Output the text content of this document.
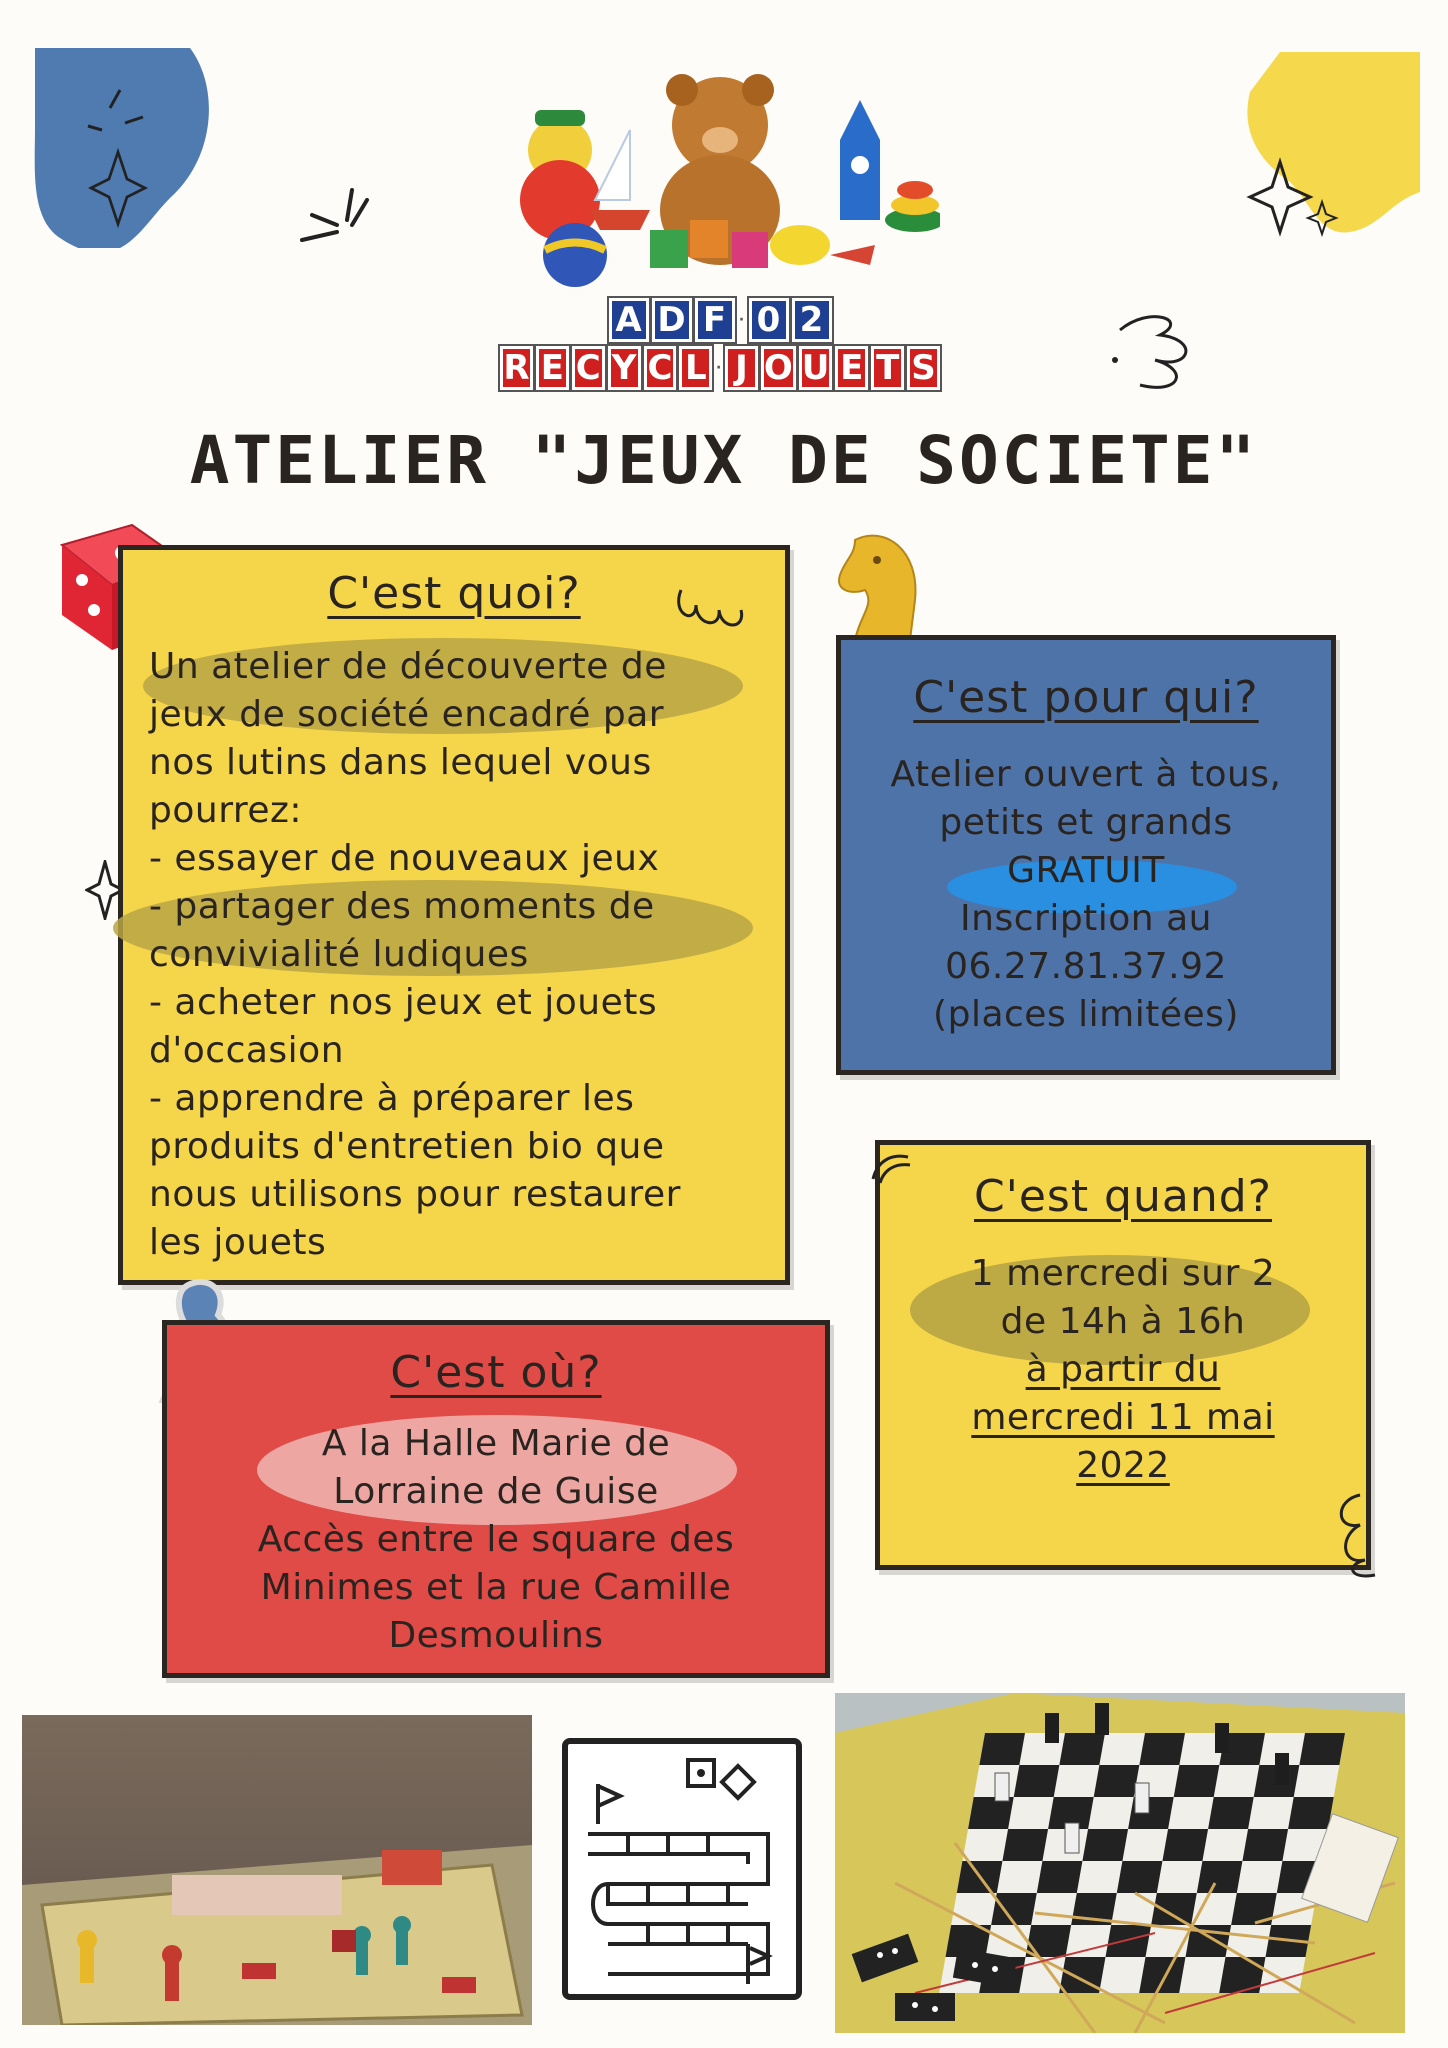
A D F · 0 2
R E C Y C L · J O U E T S
ATELIER "JEUX DE SOCIETE"
C'est quoi?
Un atelier de découverte de
jeux de société encadré par
nos lutins dans lequel vous
pourrez:
- essayer de nouveaux jeux
- partager des moments de
convivialité ludiques
- acheter nos jeux et jouets
d'occasion
- apprendre à préparer les
produits d'entretien bio que
nous utilisons pour restaurer
les jouets
C'est pour qui?
Atelier ouvert à tous,
petits et grands
GRATUIT
Inscription au
06.27.81.37.92
(places limitées)
C'est quand?
1 mercredi sur 2
de 14h à 16h
à partir du
mercredi 11 mai
2022
C'est où?
A la Halle Marie de
Lorraine de Guise
Accès entre le square des
Minimes et la rue Camille
Desmoulins
